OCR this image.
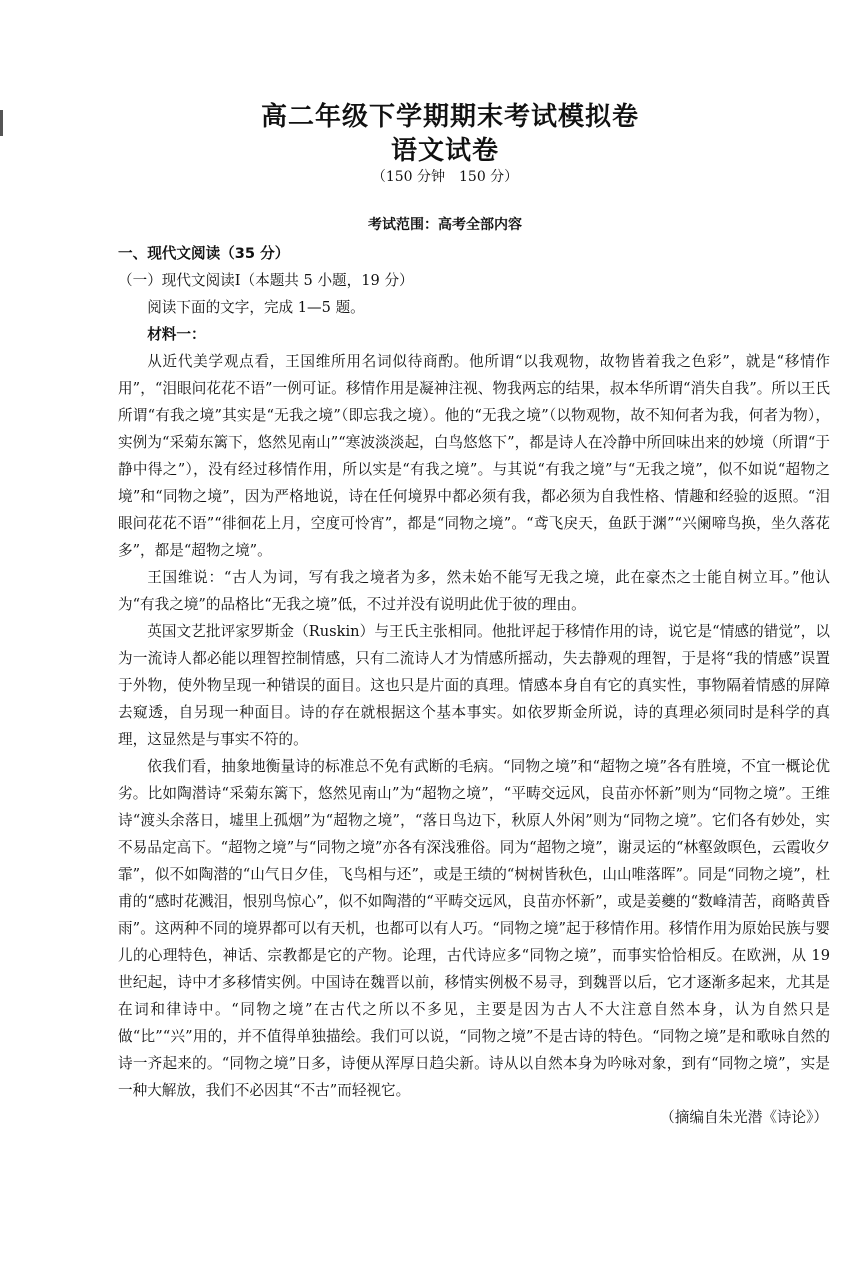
高二年级下学期期末考试模拟卷
语文试卷
（150 分钟　150 分）
考试范围：高考全部内容

一、现代文阅读（35 分）

（一）现代文阅读Ⅰ（本题共 5 小题，19 分）

阅读下面的文字，完成 1—5 题。

材料一：

从近代美学观点看，王国维所用名词似待商酌。他所谓“以我观物，故物皆着我之色彩”，就是“移情作用”，“泪眼问花花不语”一例可证。移情作用是凝神注视、物我两忘的结果，叔本华所谓“消失自我”。所以王氏所谓“有我之境”其实是“无我之境”（即忘我之境）。他的“无我之境”（以物观物，故不知何者为我，何者为物），实例为“采菊东篱下，悠然见南山”“寒波淡淡起，白鸟悠悠下”，都是诗人在冷静中所回味出来的妙境（所谓“于静中得之”），没有经过移情作用，所以实是“有我之境”。与其说“有我之境”与“无我之境”，似不如说“超物之境”和“同物之境”，因为严格地说，诗在任何境界中都必须有我，都必须为自我性格、情趣和经验的返照。“泪眼问花花不语”“徘徊花上月，空度可怜宵”，都是“同物之境”。“鸢飞戾天，鱼跃于渊”“兴阑啼鸟换，坐久落花多”，都是“超物之境”。

王国维说：“古人为词，写有我之境者为多，然未始不能写无我之境，此在豪杰之士能自树立耳。”他认为“有我之境”的品格比“无我之境”低，不过并没有说明此优于彼的理由。

英国文艺批评家罗斯金（Ruskin）与王氏主张相同。他批评起于移情作用的诗，说它是“情感的错觉”，以为一流诗人都必能以理智控制情感，只有二流诗人才为情感所摇动，失去静观的理智，于是将“我的情感”误置于外物，使外物呈现一种错误的面目。这也只是片面的真理。情感本身自有它的真实性，事物隔着情感的屏障去窥透，自另现一种面目。诗的存在就根据这个基本事实。如依罗斯金所说，诗的真理必须同时是科学的真理，这显然是与事实不符的。

依我们看，抽象地衡量诗的标准总不免有武断的毛病。“同物之境”和“超物之境”各有胜境，不宜一概论优劣。比如陶潜诗“采菊东篱下，悠然见南山”为“超物之境”，“平畴交远风，良苗亦怀新”则为“同物之境”。王维诗“渡头余落日，墟里上孤烟”为“超物之境”，“落日鸟边下，秋原人外闲”则为“同物之境”。它们各有妙处，实不易品定高下。“超物之境”与“同物之境”亦各有深浅雅俗。同为“超物之境”，谢灵运的“林壑敛暝色，云霞收夕霏”，似不如陶潜的“山气日夕佳，飞鸟相与还”，或是王绩的“树树皆秋色，山山唯落晖”。同是“同物之境”，杜甫的“感时花溅泪，恨别鸟惊心”，似不如陶潜的“平畴交远风，良苗亦怀新”，或是姜夔的“数峰清苦，商略黄昏雨”。这两种不同的境界都可以有天机，也都可以有人巧。“同物之境”起于移情作用。移情作用为原始民族与婴儿的心理特色，神话、宗教都是它的产物。论理，古代诗应多“同物之境”，而事实恰恰相反。在欧洲，从 19 世纪起，诗中才多移情实例。中国诗在魏晋以前，移情实例极不易寻，到魏晋以后，它才逐渐多起来，尤其是在词和律诗中。“同物之境”在古代之所以不多见，主要是因为古人不大注意自然本身，认为自然只是做“比”“兴”用的，并不值得单独描绘。我们可以说，“同物之境”不是古诗的特色。“同物之境”是和歌咏自然的诗一齐起来的。“同物之境”日多，诗便从浑厚日趋尖新。诗从以自然本身为吟咏对象，到有“同物之境”，实是一种大解放，我们不必因其“不古”而轻视它。

（摘编自朱光潜《诗论》）
